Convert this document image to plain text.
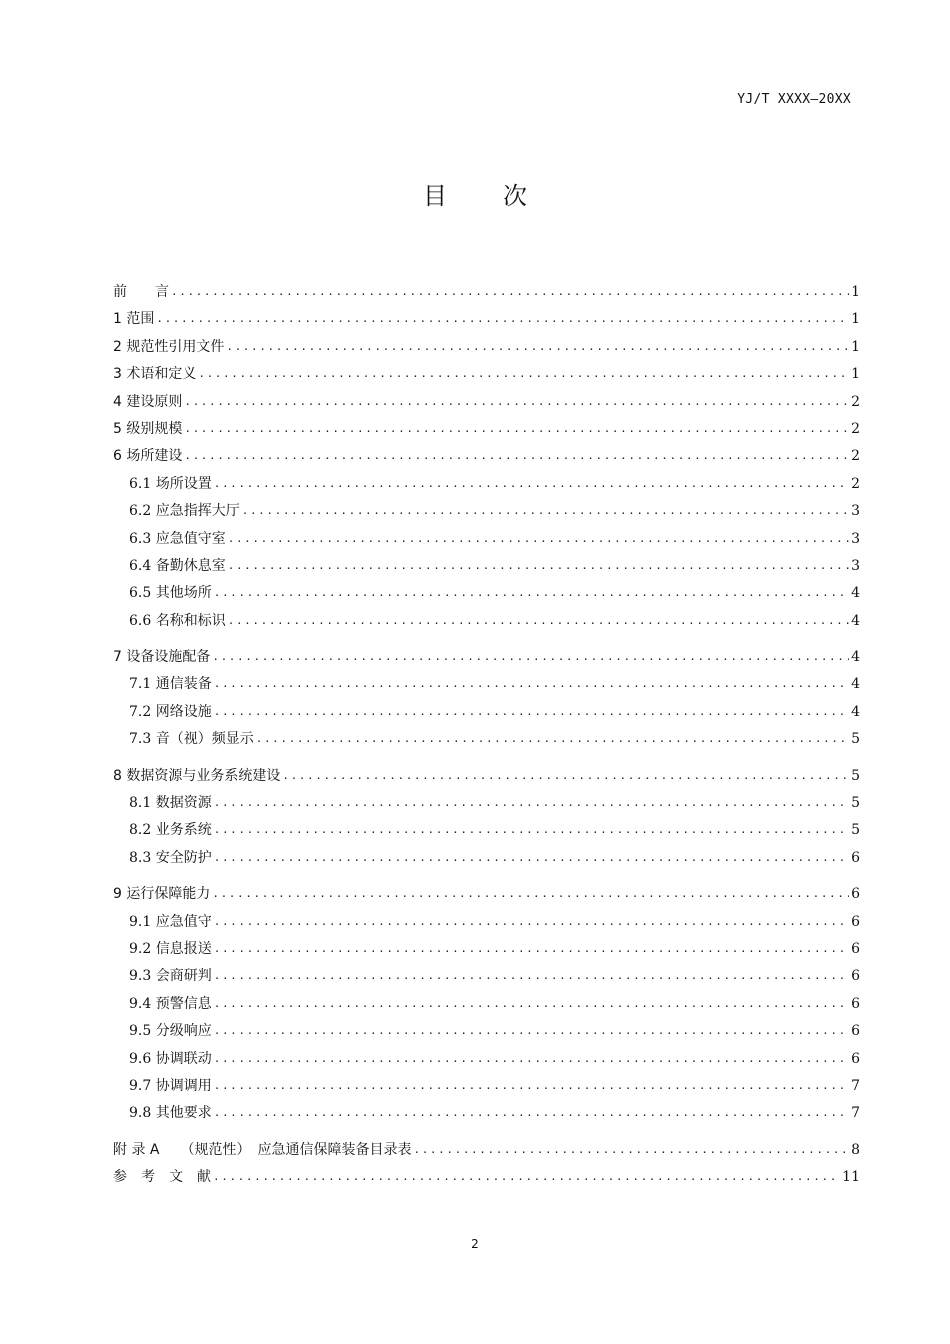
YJ/T XXXX—20XX
目 次
前　　言 .....	1
1 范围 .....	1
2 规范性引用文件 .....	1
3 术语和定义 .....	1
4 建设原则 .....	2
5 级别规模 .....	2
6 场所建设 .....	2
6.1 场所设置 .....	2
6.2 应急指挥大厅 .....	3
6.3 应急值守室 .....	3
6.4 备勤休息室 .....	3
6.5 其他场所 .....	4
6.6 名称和标识 .....	4
7 设备设施配备 .....	4
7.1 通信装备 .....	4
7.2 网络设施 .....	4
7.3 音（视）频显示 .....	5
8 数据资源与业务系统建设 .....	5
8.1 数据资源 .....	5
8.2 业务系统 .....	5
8.3 安全防护 .....	6
9 运行保障能力 .....	6
9.1 应急值守 .....	6
9.2 信息报送 .....	6
9.3 会商研判 .....	6
9.4 预警信息 .....	6
9.5 分级响应 .....	6
9.6 协调联动 .....	6
9.7 协调调用 .....	7
9.8 其他要求 .....	7
附 录 A　　（规范性）　应急通信保障装备目录表 .....	8
参　考　文　献 .....	11
2
